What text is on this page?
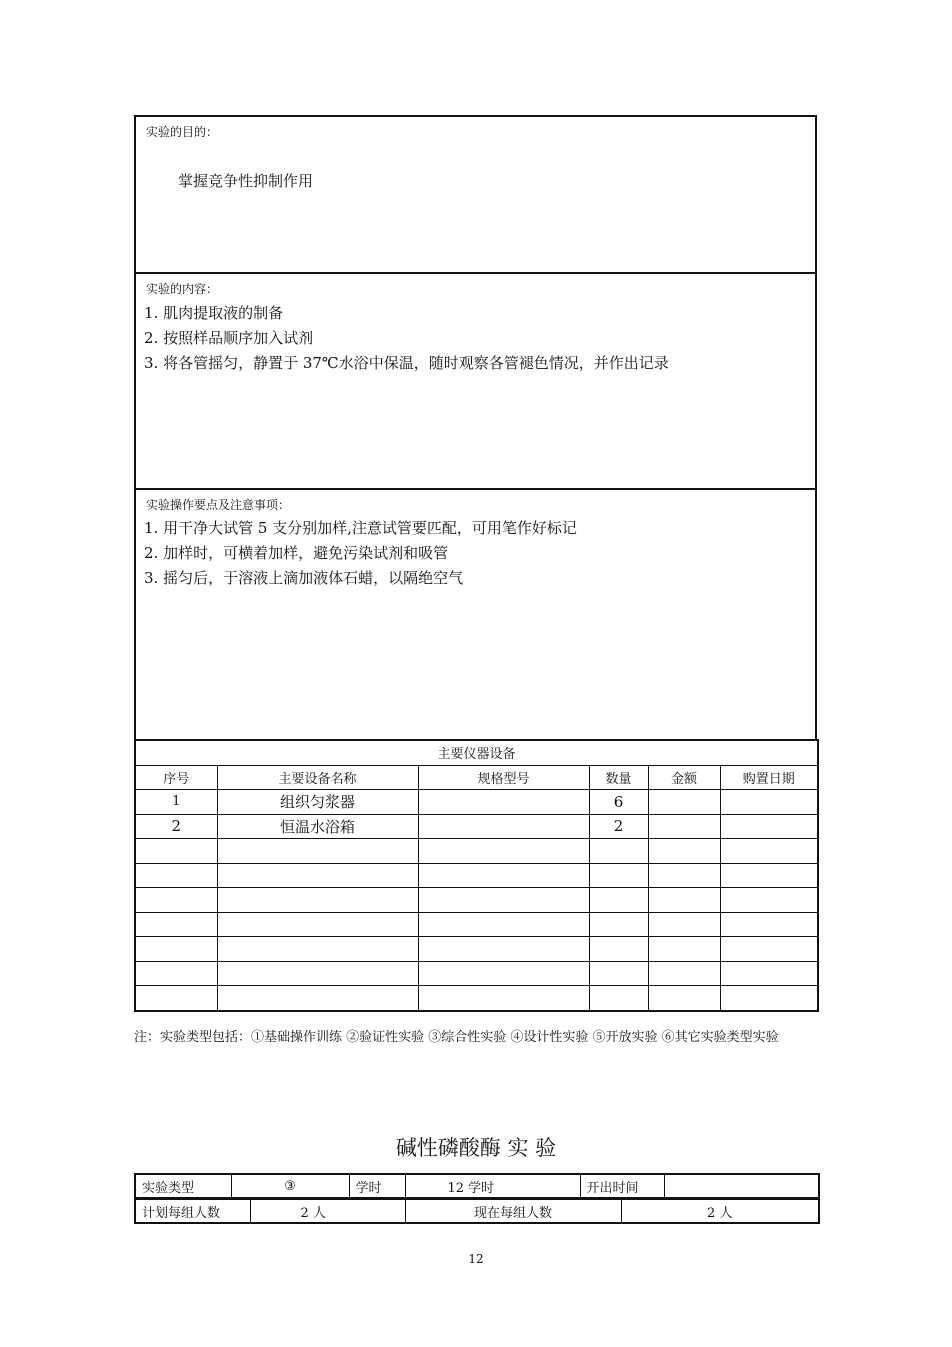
实验的目的：
掌握竞争性抑制作用
实验的内容：
1. 肌肉提取液的制备
2. 按照样品顺序加入试剂
3. 将各管摇匀，静置于 37℃水浴中保温，随时观察各管褪色情况，并作出记录
实验操作要点及注意事项：
1. 用干净大试管 5 支分别加样,注意试管要匹配，可用笔作好标记
2. 加样时，可横着加样，避免污染试剂和吸管
3. 摇匀后，于溶液上滴加液体石蜡，以隔绝空气
主要仪器设备					
序号	主要设备名称	规格型号	数量	金额	购置日期
1	组织匀浆器		6		
2	恒温水浴箱		2		

注：实验类型包括：①基础操作训练 ②验证性实验 ③综合性实验 ④设计性实验 ⑤开放实验 ⑥其它实验类型实验
碱性磷酸酶 实 验
实验类型	③	学时	12 学时	开出时间	
计划每组人数	2 人	现在每组人数	2 人
12
